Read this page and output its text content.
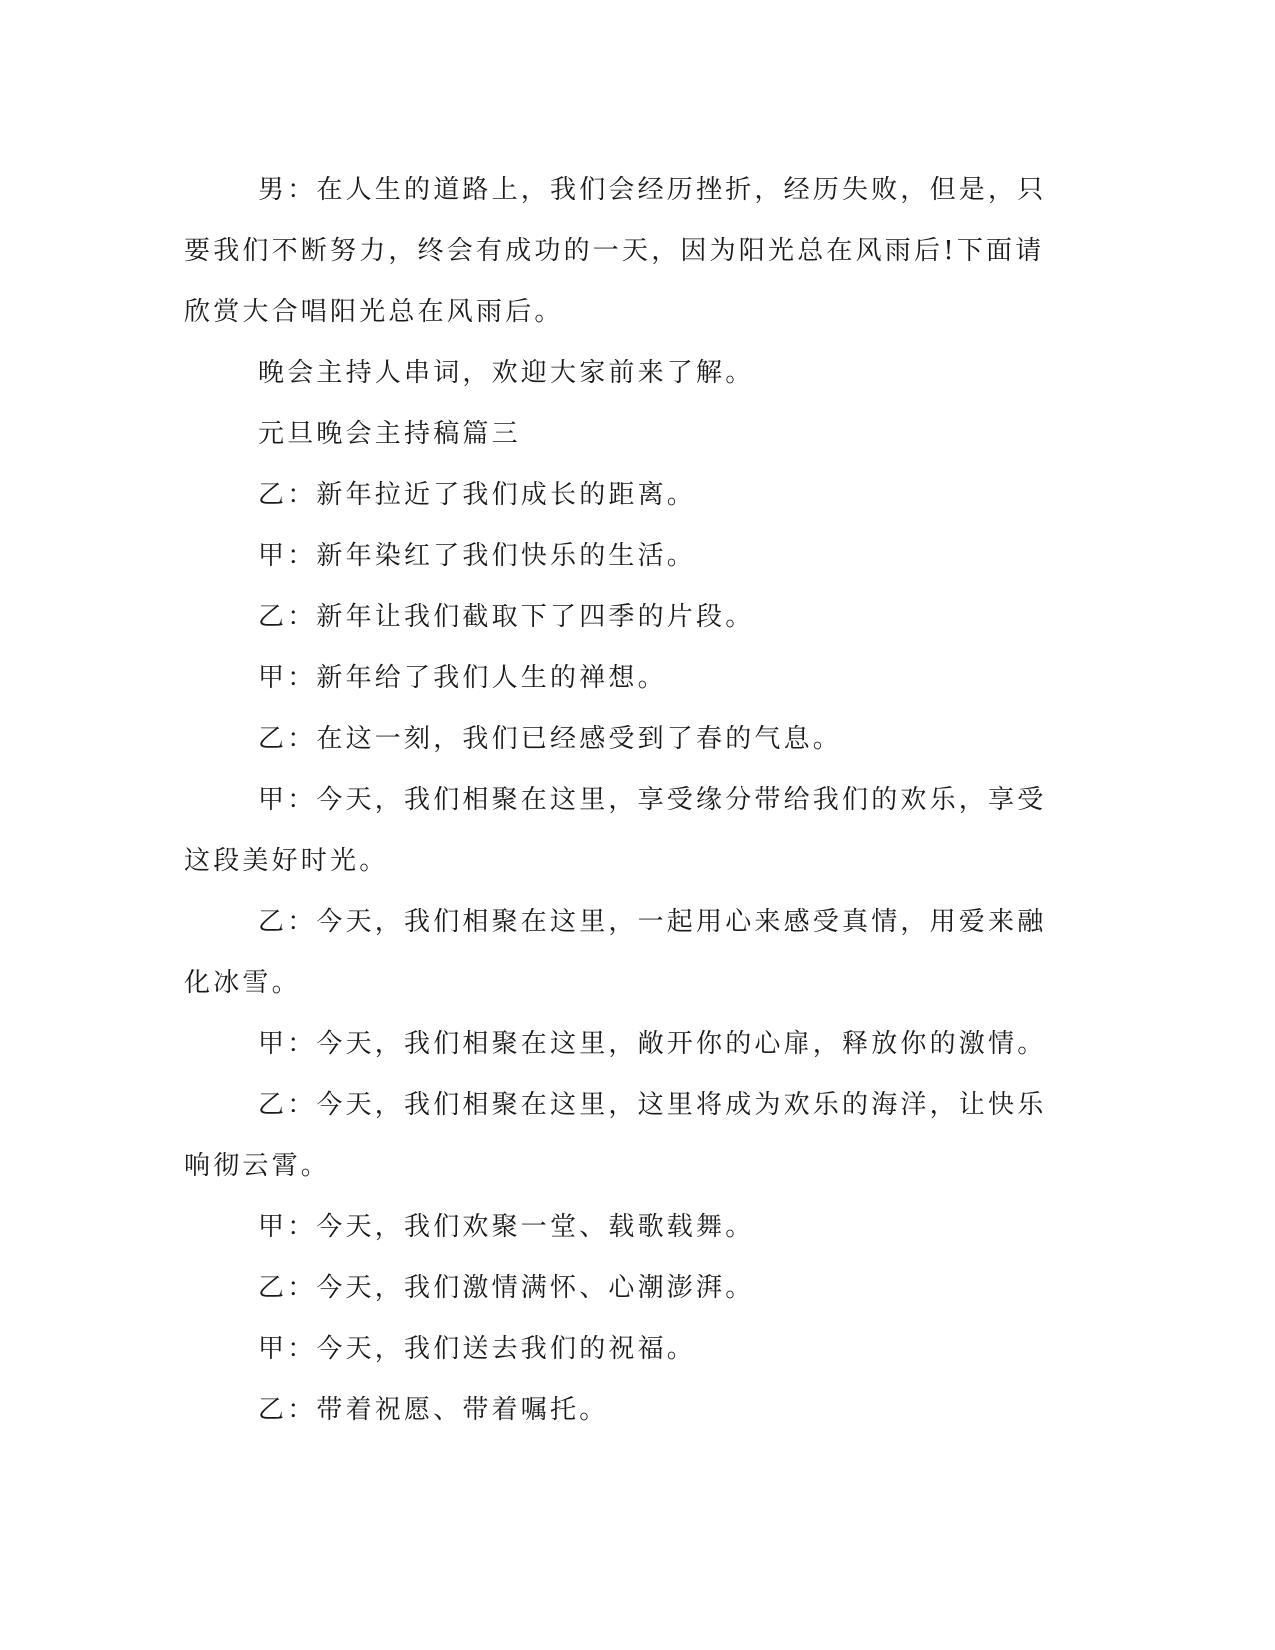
男：在人生的道路上，我们会经历挫折，经历失败，但是，只要我们不断努力，终会有成功的一天，因为阳光总在风雨后!下面请欣赏大合唱阳光总在风雨后。

晚会主持人串词，欢迎大家前来了解。

元旦晚会主持稿篇三

乙：新年拉近了我们成长的距离。

甲：新年染红了我们快乐的生活。

乙：新年让我们截取下了四季的片段。

甲：新年给了我们人生的禅想。

乙：在这一刻，我们已经感受到了春的气息。

甲：今天，我们相聚在这里，享受缘分带给我们的欢乐，享受这段美好时光。

乙：今天，我们相聚在这里，一起用心来感受真情，用爱来融化冰雪。

甲：今天，我们相聚在这里，敞开你的心扉，释放你的激情。

乙：今天，我们相聚在这里，这里将成为欢乐的海洋，让快乐响彻云霄。

甲：今天，我们欢聚一堂、载歌载舞。

乙：今天，我们激情满怀、心潮澎湃。

甲：今天，我们送去我们的祝福。

乙：带着祝愿、带着嘱托。
